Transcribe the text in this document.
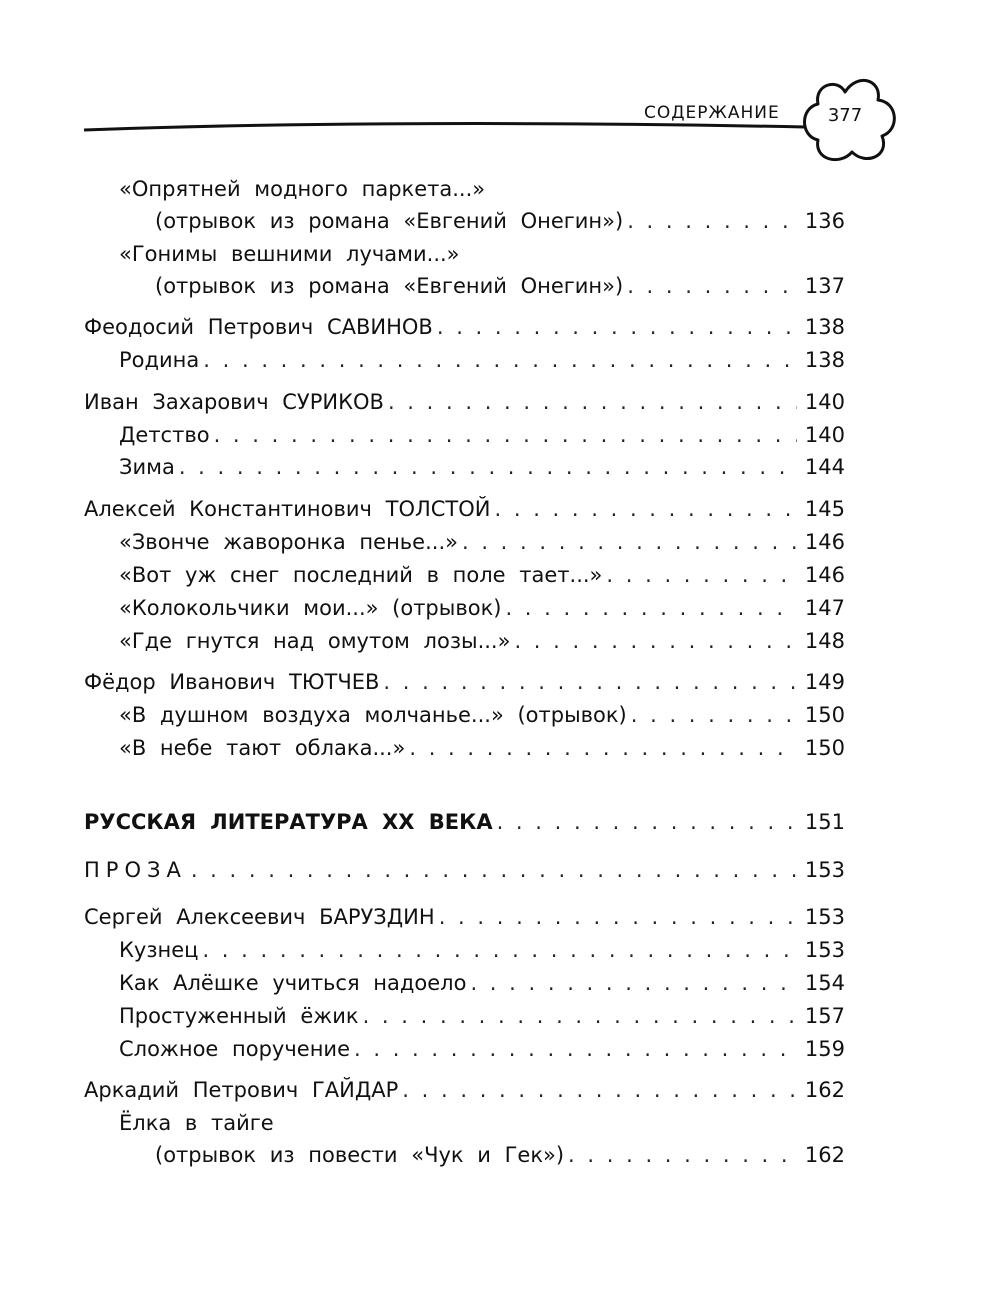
СОДЕРЖАНИЕ	377
«Опрятней модного паркета...»
(отрывок из романа «Евгений Онегин») . . .	136
«Гонимы вешними лучами...»
(отрывок из романа «Евгений Онегин») . . .	137
Феодосий Петрович САВИНОВ . . .	138
Родина . . .	138
Иван Захарович СУРИКОВ . . .	140
Детство . . .	140
Зима . . .	144
Алексей Константинович ТОЛСТОЙ . . .	145
«Звонче жаворонка пенье...» . . .	146
«Вот уж снег последний в поле тает...» . . .	146
«Колокольчики мои...» (отрывок) . . .	147
«Где гнутся над омутом лозы...» . . .	148
Фёдор Иванович ТЮТЧЕВ . . .	149
«В душном воздуха молчанье...» (отрывок) . . .	150
«В небе тают облака...» . . .	150
РУССКАЯ ЛИТЕРАТУРА XX ВЕКА . . .	151
ПРОЗА . . .	153
Сергей Алексеевич БАРУЗДИН . . .	153
Кузнец . . .	153
Как Алёшке учиться надоело . . .	154
Простуженный ёжик . . .	157
Сложное поручение . . .	159
Аркадий Петрович ГАЙДАР . . .	162
Ёлка в тайге
(отрывок из повести «Чук и Гек») . . .	162
